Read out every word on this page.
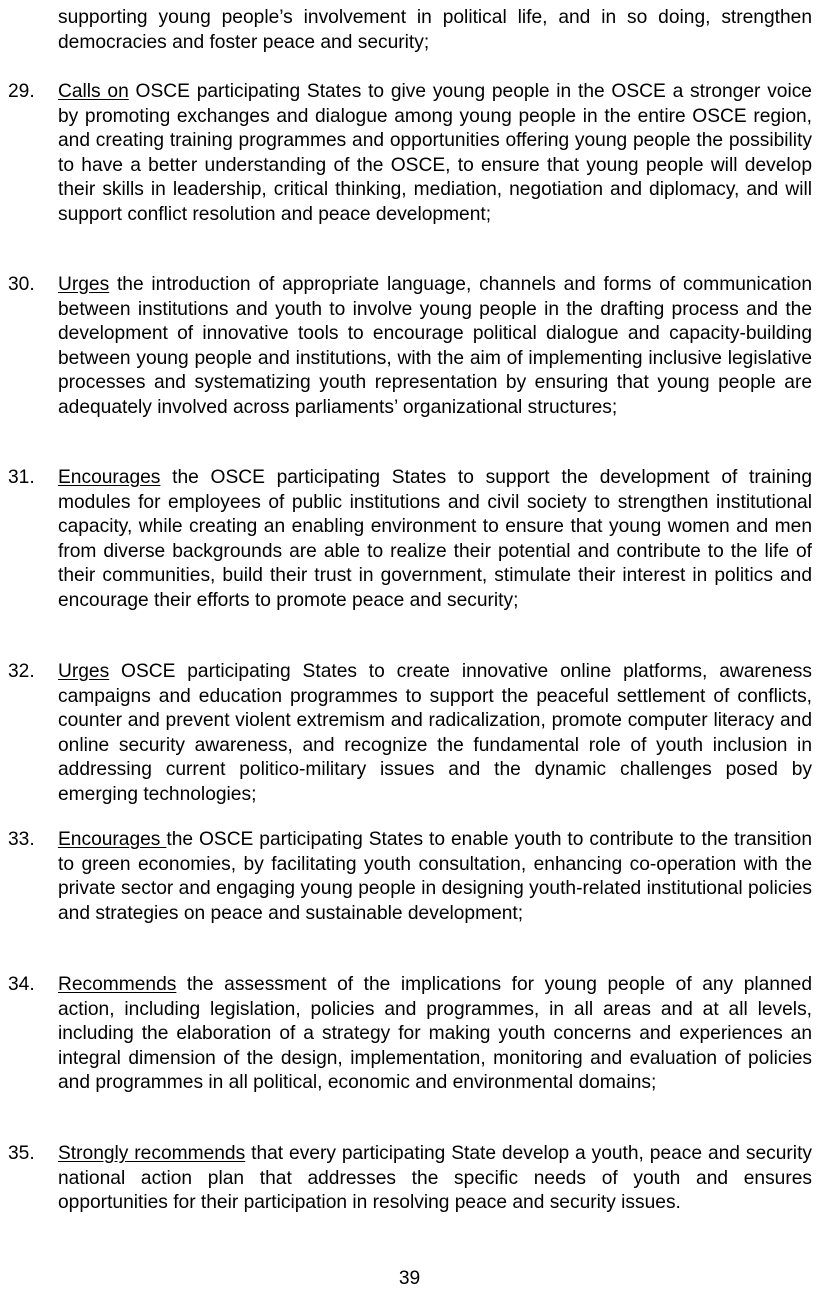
supporting young people’s involvement in political life, and in so doing, strengthen democracies and foster peace and security;
29.	Calls on OSCE participating States to give young people in the OSCE a stronger voice by promoting exchanges and dialogue among young people in the entire OSCE region, and creating training programmes and opportunities offering young people the possibility to have a better understanding of the OSCE, to ensure that young people will develop their skills in leadership, critical thinking, mediation, negotiation and diplomacy, and will support conflict resolution and peace development;
30.	Urges the introduction of appropriate language, channels and forms of communication between institutions and youth to involve young people in the drafting process and the development of innovative tools to encourage political dialogue and capacity-building between young people and institutions, with the aim of implementing inclusive legislative processes and systematizing youth representation by ensuring that young people are adequately involved across parliaments’ organizational structures;
31.	Encourages the OSCE participating States to support the development of training modules for employees of public institutions and civil society to strengthen institutional capacity, while creating an enabling environment to ensure that young women and men from diverse backgrounds are able to realize their potential and contribute to the life of their communities, build their trust in government, stimulate their interest in politics and encourage their efforts to promote peace and security;
32.	Urges OSCE participating States to create innovative online platforms, awareness campaigns and education programmes to support the peaceful settlement of conflicts, counter and prevent violent extremism and radicalization, promote computer literacy and online security awareness, and recognize the fundamental role of youth inclusion in addressing current politico-military issues and the dynamic challenges posed by emerging technologies;
33.	Encourages the OSCE participating States to enable youth to contribute to the transition to green economies, by facilitating youth consultation, enhancing co-operation with the private sector and engaging young people in designing youth-related institutional policies and strategies on peace and sustainable development;
34.	Recommends the assessment of the implications for young people of any planned action, including legislation, policies and programmes, in all areas and at all levels, including the elaboration of a strategy for making youth concerns and experiences an integral dimension of the design, implementation, monitoring and evaluation of policies and programmes in all political, economic and environmental domains;
35.	Strongly recommends that every participating State develop a youth, peace and security national action plan that addresses the specific needs of youth and ensures opportunities for their participation in resolving peace and security issues.
39
